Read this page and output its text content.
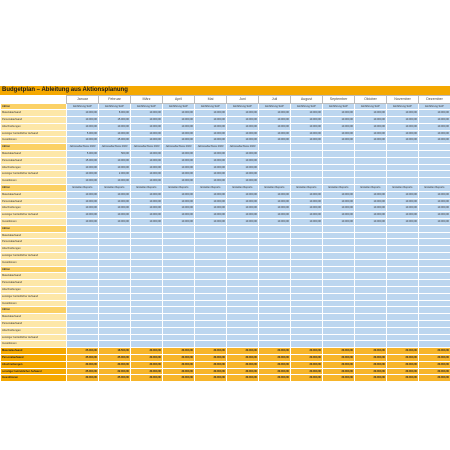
Budgetplan – Ableitung aus Aktionsplanung
	Januar	Februar	März	April	Mai	Juni	Juli	August	September	Oktober	November	Dezember
Aktion	Einführung SAP	Einführung SAP	Einführung SAP	Einführung SAP	Einführung SAP	Einführung SAP	Einführung SAP	Einführung SAP	Einführung SAP	Einführung SAP	Einführung SAP	Einführung SAP
Materialaufwand	10.000,00	8.000,00	10.000,00	10.000,00	10.000,00	10.000,00	10.000,00	10.000,00	10.000,00	10.000,00	10.000,00	10.000,00
Personalaufwand	10.000,00	15.000,00	10.000,00	10.000,00	10.000,00	10.000,00	10.000,00	10.000,00	10.000,00	10.000,00	10.000,00	10.000,00
Abschreibungen	10.000,00	10.000,00	10.000,00	10.000,00	10.000,00	10.000,00	10.000,00	10.000,00	10.000,00	10.000,00	10.000,00	10.000,00
sonstiger betrieblicher Aufwand	5.000,00	10.000,00	10.000,00	10.000,00	10.000,00	10.000,00	10.000,00	10.000,00	10.000,00	10.000,00	10.000,00	10.000,00
Investitionen	10.000,00	15.000,00	10.000,00	10.000,00	10.000,00	10.000,00	10.000,00	10.000,00	10.000,00	10.000,00	10.000,00	10.000,00
Aktion	Jahresabschluss 2023	Jahresabschluss 2023	Jahresabschluss 2023	Jahresabschluss 2023	Jahresabschluss 2023	Jahresabschluss 2023						
Materialaufwand	5.000,00	500,00	10.000,00	10.000,00	10.000,00	10.000,00						
Personalaufwand	15.000,00	10.000,00	10.000,00	10.000,00	10.000,00	10.000,00						
Abschreibungen	10.000,00	10.000,00	10.000,00	10.000,00	10.000,00	10.000,00						
sonstiger betrieblicher Aufwand	10.000,00	2.000,00	10.000,00	10.000,00	10.000,00	10.000,00						
Investitionen	10.000,00	10.000,00	10.000,00	10.000,00	10.000,00	10.000,00						
Aktion	Erstellen Reports	Erstellen Reports	Erstellen Reports	Erstellen Reports	Erstellen Reports	Erstellen Reports	Erstellen Reports	Erstellen Reports	Erstellen Reports	Erstellen Reports	Erstellen Reports	Erstellen Reports
Materialaufwand	10.000,00	10.000,00	10.000,00	10.000,00	10.000,00	10.000,00	10.000,00	10.000,00	10.000,00	10.000,00	10.000,00	10.000,00
Personalaufwand	10.000,00	10.000,00	10.000,00	10.000,00	10.000,00	10.000,00	10.000,00	10.000,00	10.000,00	10.000,00	10.000,00	10.000,00
Abschreibungen	10.000,00	10.000,00	10.000,00	10.000,00	10.000,00	10.000,00	10.000,00	10.000,00	10.000,00	10.000,00	10.000,00	10.000,00
sonstiger betrieblicher Aufwand	10.000,00	10.000,00	10.000,00	10.000,00	10.000,00	10.000,00	10.000,00	10.000,00	10.000,00	10.000,00	10.000,00	10.000,00
Investitionen	10.000,00	10.000,00	10.000,00	10.000,00	10.000,00	10.000,00	10.000,00	10.000,00	10.000,00	10.000,00	10.000,00	10.000,00
Aktion												
Materialaufwand												
Personalaufwand												
Abschreibungen												
sonstiger betrieblicher Aufwand												
Investitionen												
Aktion												
Materialaufwand												
Personalaufwand												
Abschreibungen												
sonstiger betrieblicher Aufwand												
Investitionen												
Aktion												
Materialaufwand												
Personalaufwand												
Abschreibungen												
sonstiger betrieblicher Aufwand												
Investitionen												
Materialaufwand	25.000,00	18.500,00	30.000,00	30.000,00	30.000,00	30.000,00	20.000,00	20.000,00	20.000,00	20.000,00	20.000,00	20.000,00
Personalaufwand	35.000,00	35.000,00	30.000,00	30.000,00	30.000,00	30.000,00	20.000,00	20.000,00	20.000,00	20.000,00	20.000,00	20.000,00
Abschreibungen	30.000,00	30.000,00	30.000,00	30.000,00	30.000,00	30.000,00	20.000,00	20.000,00	20.000,00	20.000,00	20.000,00	20.000,00
sonstiger betrieblicher Aufwand	25.000,00	22.000,00	30.000,00	30.000,00	30.000,00	30.000,00	20.000,00	20.000,00	20.000,00	20.000,00	20.000,00	20.000,00
Investitionen	30.000,00	35.000,00	30.000,00	30.000,00	30.000,00	30.000,00	20.000,00	20.000,00	20.000,00	20.000,00	20.000,00	20.000,00
